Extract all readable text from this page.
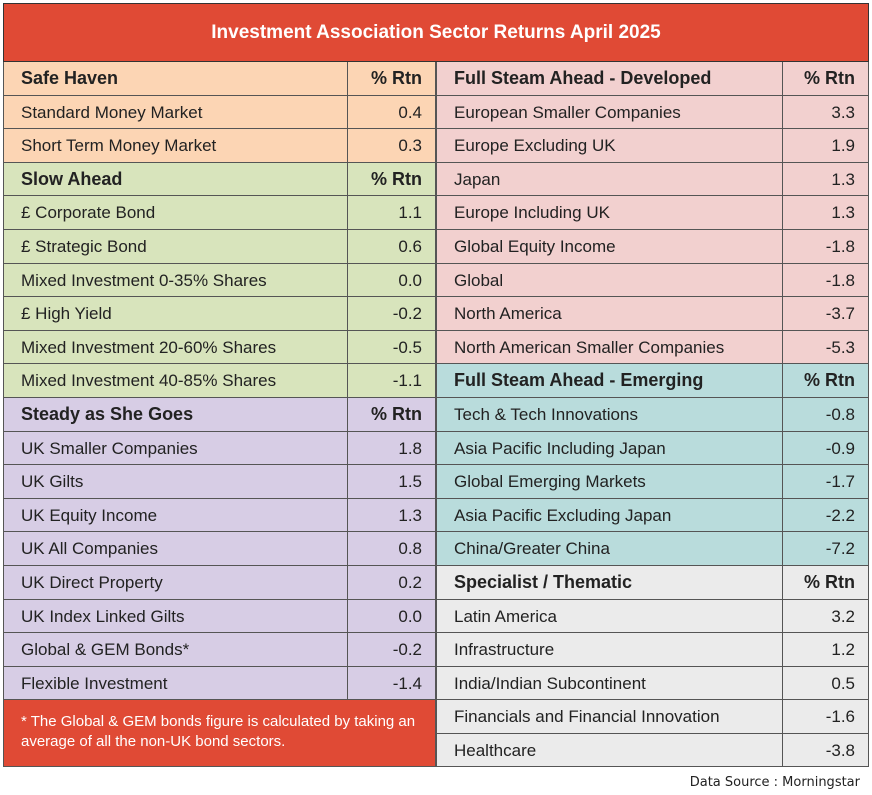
Investment Association Sector Returns April 2025
Safe Haven	% Rtn
Standard Money Market	0.4
Short Term Money Market	0.3
Slow Ahead	% Rtn
£ Corporate Bond	1.1
£ Strategic Bond	0.6
Mixed Investment 0-35% Shares	0.0
£ High Yield	-0.2
Mixed Investment 20-60% Shares	-0.5
Mixed Investment 40-85% Shares	-1.1
Steady as She Goes	% Rtn
UK Smaller Companies	1.8
UK Gilts	1.5
UK Equity Income	1.3
UK All Companies	0.8
UK Direct Property	0.2
UK Index Linked Gilts	0.0
Global & GEM Bonds*	-0.2
Flexible Investment	-1.4
* The Global & GEM bonds figure is calculated by taking an average of all the non-UK bond sectors.
Full Steam Ahead - Developed	% Rtn
European Smaller Companies	3.3
Europe Excluding UK	1.9
Japan	1.3
Europe Including UK	1.3
Global Equity Income	-1.8
Global	-1.8
North America	-3.7
North American Smaller Companies	-5.3
Full Steam Ahead - Emerging	% Rtn
Tech & Tech Innovations	-0.8
Asia Pacific Including Japan	-0.9
Global Emerging Markets	-1.7
Asia Pacific Excluding Japan	-2.2
China/Greater China	-7.2
Specialist / Thematic	% Rtn
Latin America	3.2
Infrastructure	1.2
India/Indian Subcontinent	0.5
Financials and Financial Innovation	-1.6
Healthcare	-3.8
Data Source : Morningstar
